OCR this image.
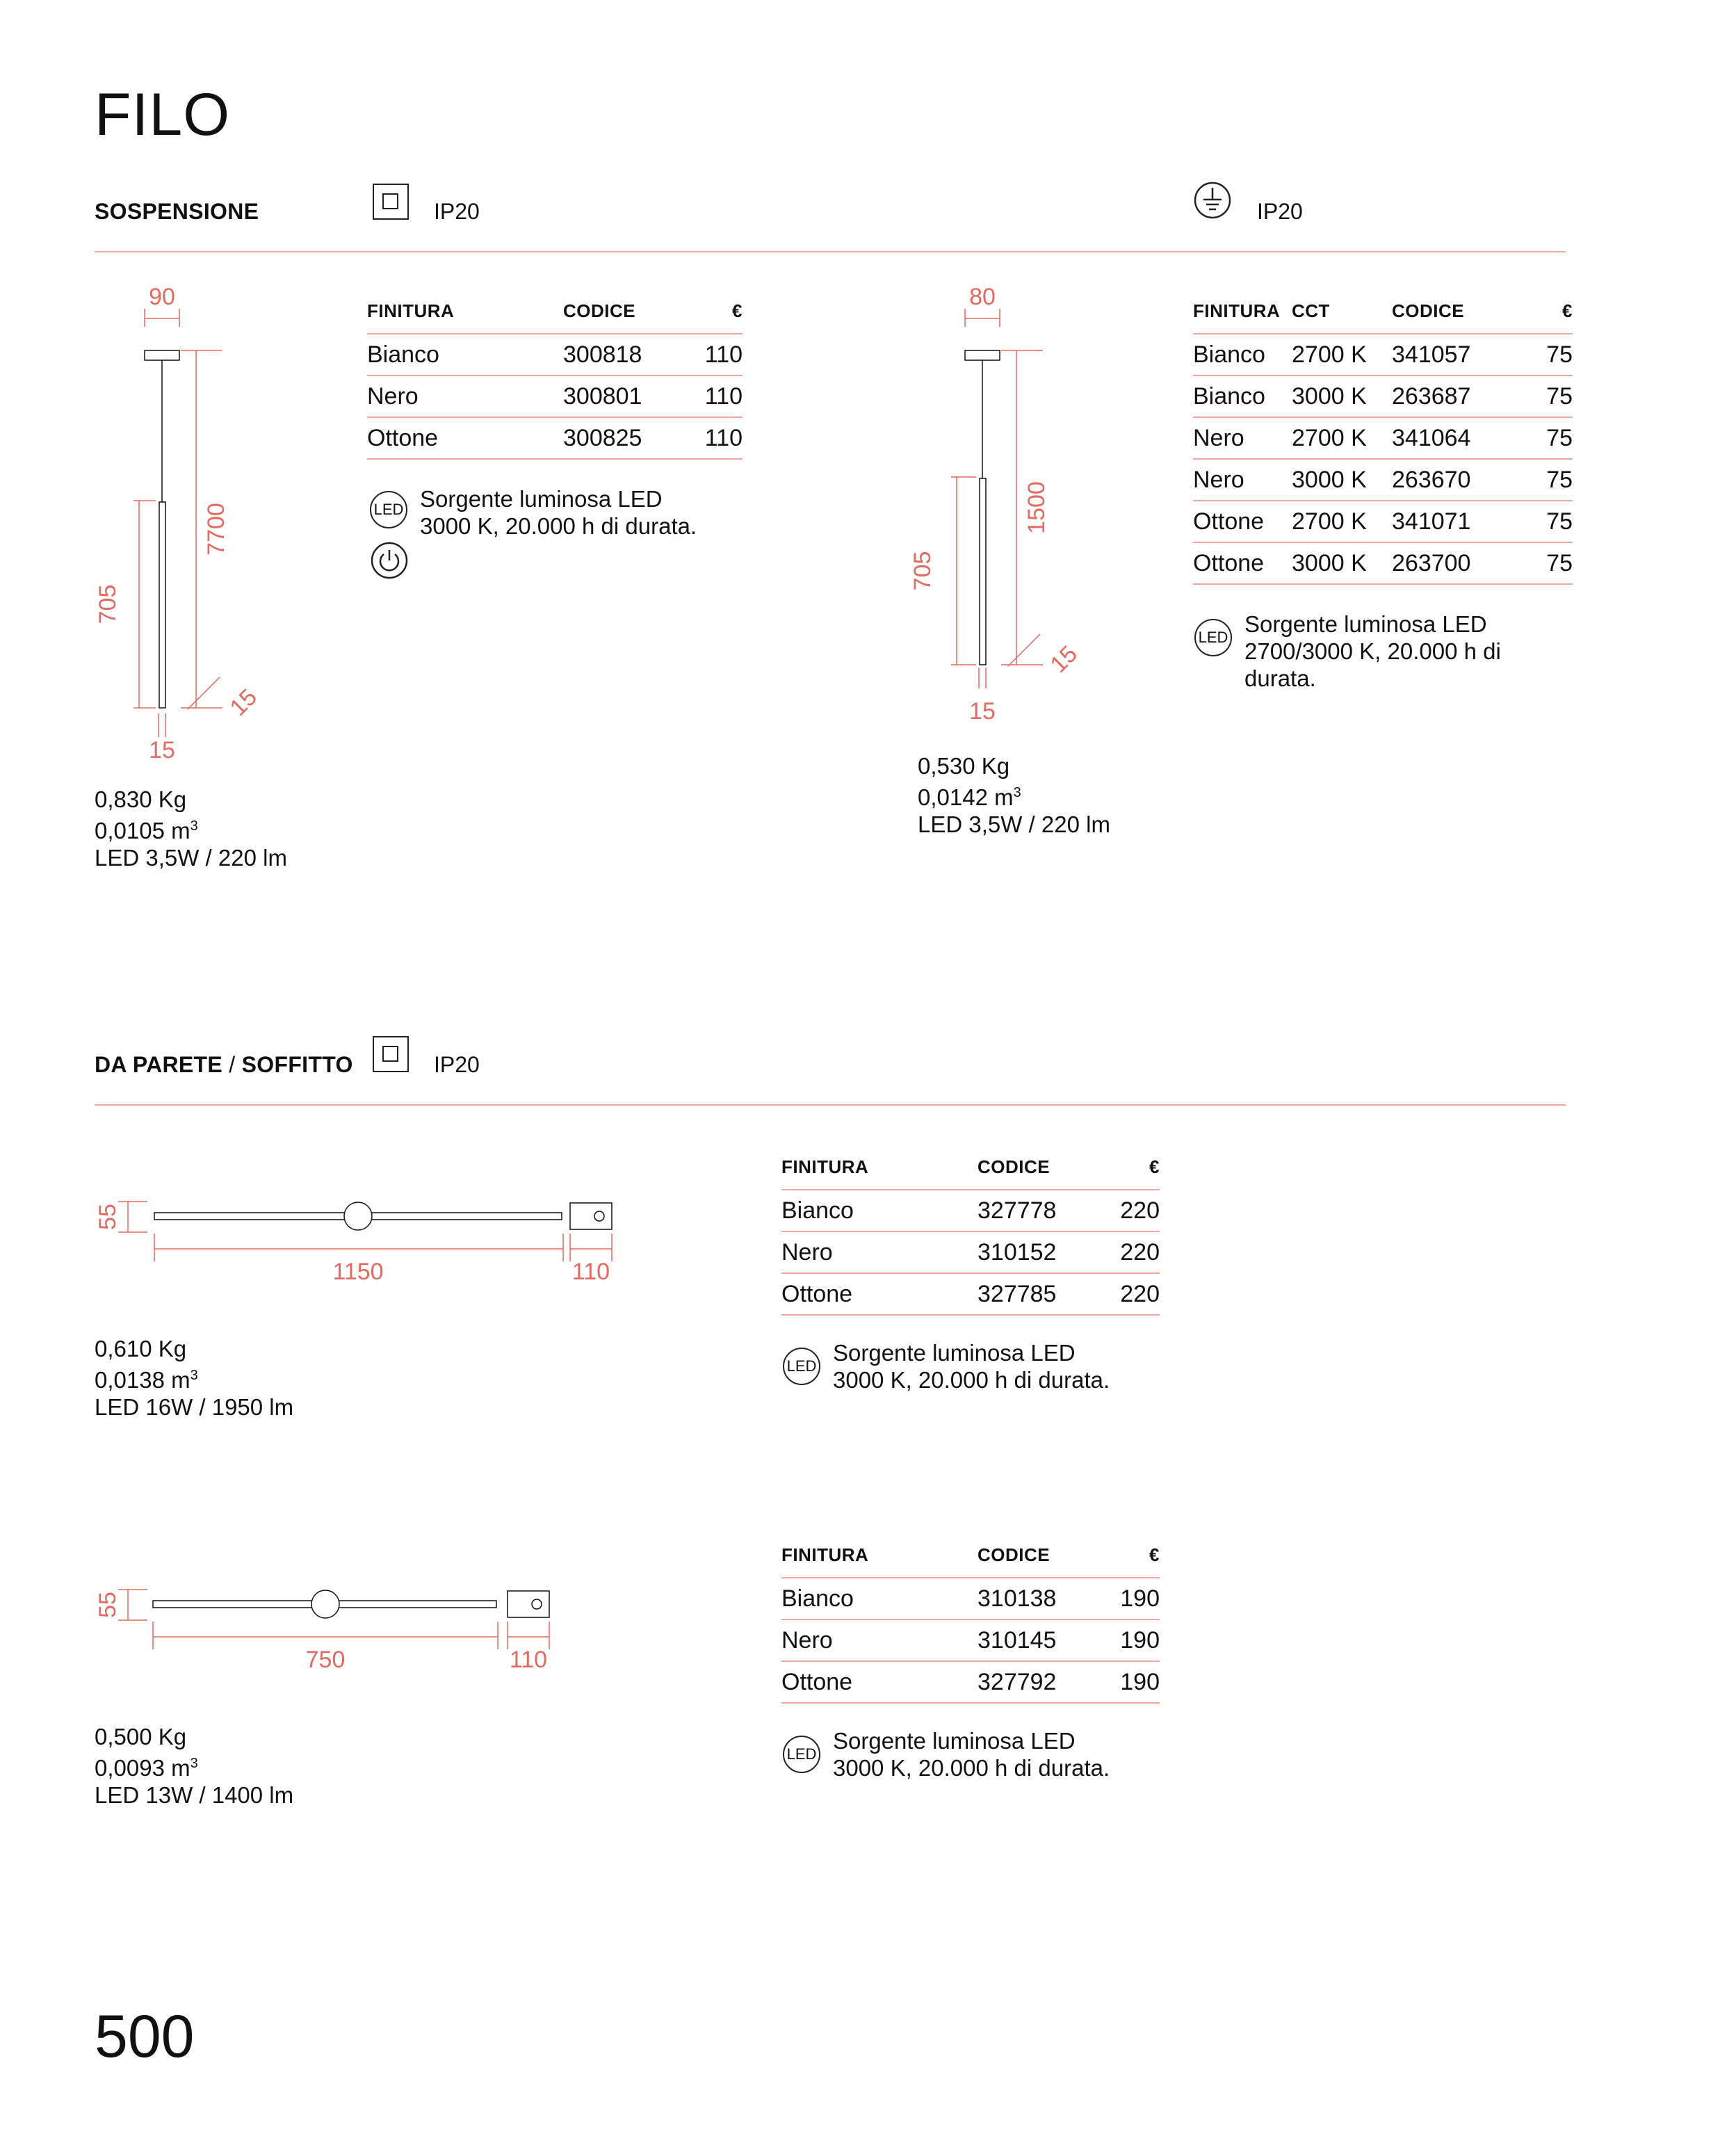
FILO
SOSPENSIONE	IP20	IP20
90
7700
705
15
15
0,830 Kg
0,0105 $m^3$
LED 3,5W / 220 lm
FINITURA	CODICE	€
Bianco	300818	110
Nero	300801	110
Ottone	300825	110
LED Sorgente luminosa LED
3000 K, 20.000 h di durata.
80
1500
705
15
15
0,530 Kg
0,0142 $m^3$
LED 3,5W / 220 lm
FINITURA	CCT	CODICE	€
Bianco	2700 K	341057	75
Bianco	3000 K	263687	75
Nero	2700 K	341064	75
Nero	3000 K	263670	75
Ottone	2700 K	341071	75
Ottone	3000 K	263700	75
LED
Sorgente luminosa LED
2700/3000 K, 20.000 h di
durata.
DA PARETE / SOFFITTO	IP20
55
1150	110
0,610 Kg
0,0138 $m^3$
LED 16W / 1950 lm
FINITURA	CODICE	€
Bianco	327778	220
Nero	310152	220
Ottone	327785	220
LED
Sorgente luminosa LED
3000 K, 20.000 h di durata.
55
750	110
0,500 Kg
0,0093 $m^3$
LED 13W / 1400 lm
FINITURA	CODICE	€
Bianco	310138	190
Nero	310145	190
Ottone	327792	190
LED
Sorgente luminosa LED
3000 K, 20.000 h di durata.
500
